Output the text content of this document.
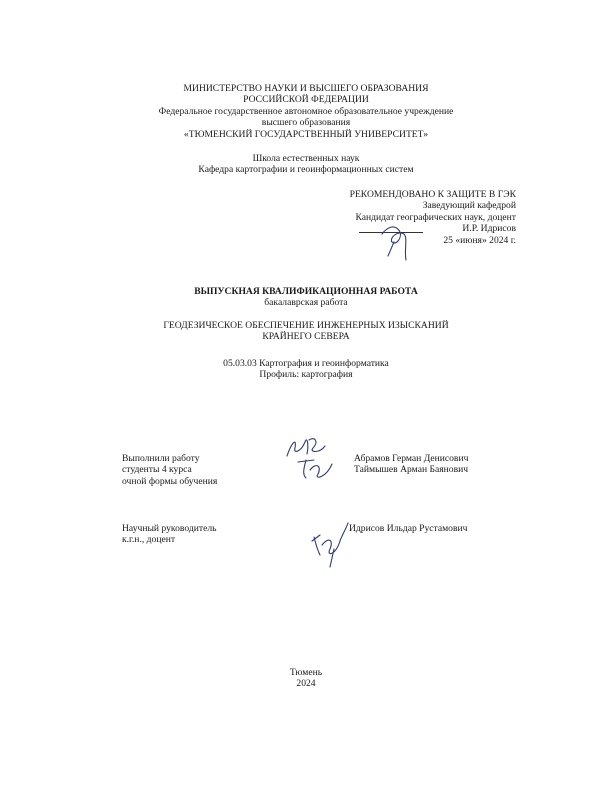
МИНИСТЕРСТВО НАУКИ И ВЫСШЕГО ОБРАЗОВАНИЯ
РОССИЙСКОЙ ФЕДЕРАЦИИ
Федеральное государственное автономное образовательное учреждение
высшего образования
«ТЮМЕНСКИЙ ГОСУДАРСТВЕННЫЙ УНИВЕРСИТЕТ»
Школа естественных наук
Кафедра картографии и геоинформационных систем
РЕКОМЕНДОВАНО К ЗАЩИТЕ В ГЭК
Заведующий кафедрой
Кандидат географических наук, доцент
И.Р. Идрисов
25 «июня» 2024 г.
ВЫПУСКНАЯ КВАЛИФИКАЦИОННАЯ РАБОТА
бакалаврская работа
ГЕОДЕЗИЧЕСКОЕ ОБЕСПЕЧЕНИЕ ИНЖЕНЕРНЫХ ИЗЫСКАНИЙ
КРАЙНЕГО СЕВЕРА
05.03.03 Картография и геоинформатика
Профиль: картография
Выполнили работу
студенты 4 курса
очной формы обучения
Абрамов Герман Денисович
Таймышев Арман Баянович
Научный руководитель
к.г.н., доцент
Идрисов Ильдар Рустамович
Тюмень
2024
